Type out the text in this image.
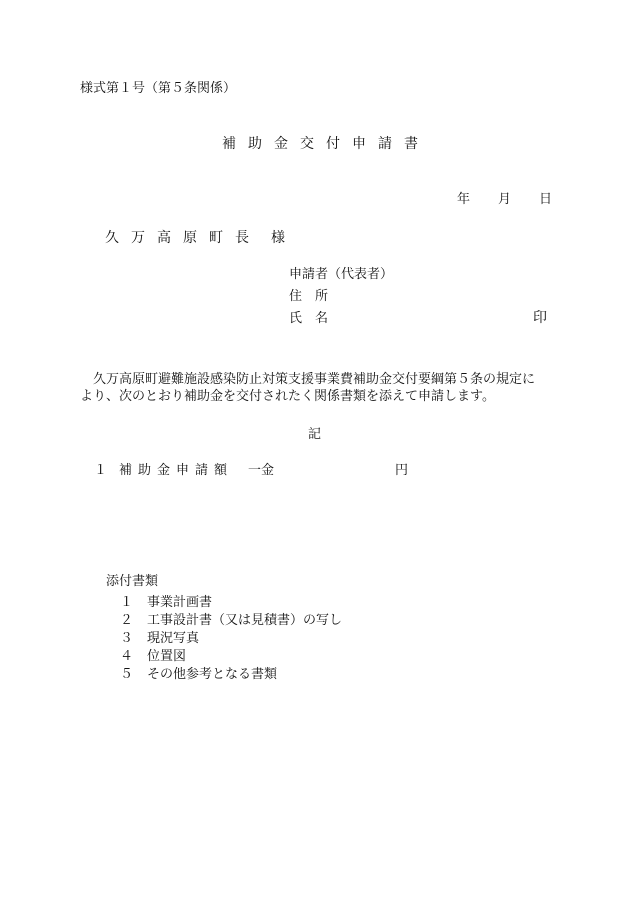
様式第１号（第５条関係）
補助金交付申請書
年 月 日
久万高原町長 様
申請者（代表者）
住　所
氏　名	印
　久万高原町避難施設感染防止対策支援事業費補助金交付要綱第５条の規定に
より、次のとおり補助金を交付されたく関係書類を添えて申請します。
記
１ 補助金申請額 一金	円
添付書類
１ 事業計画書
２ 工事設計書（又は見積書）の写し
３ 現況写真
４ 位置図
５ その他参考となる書類
